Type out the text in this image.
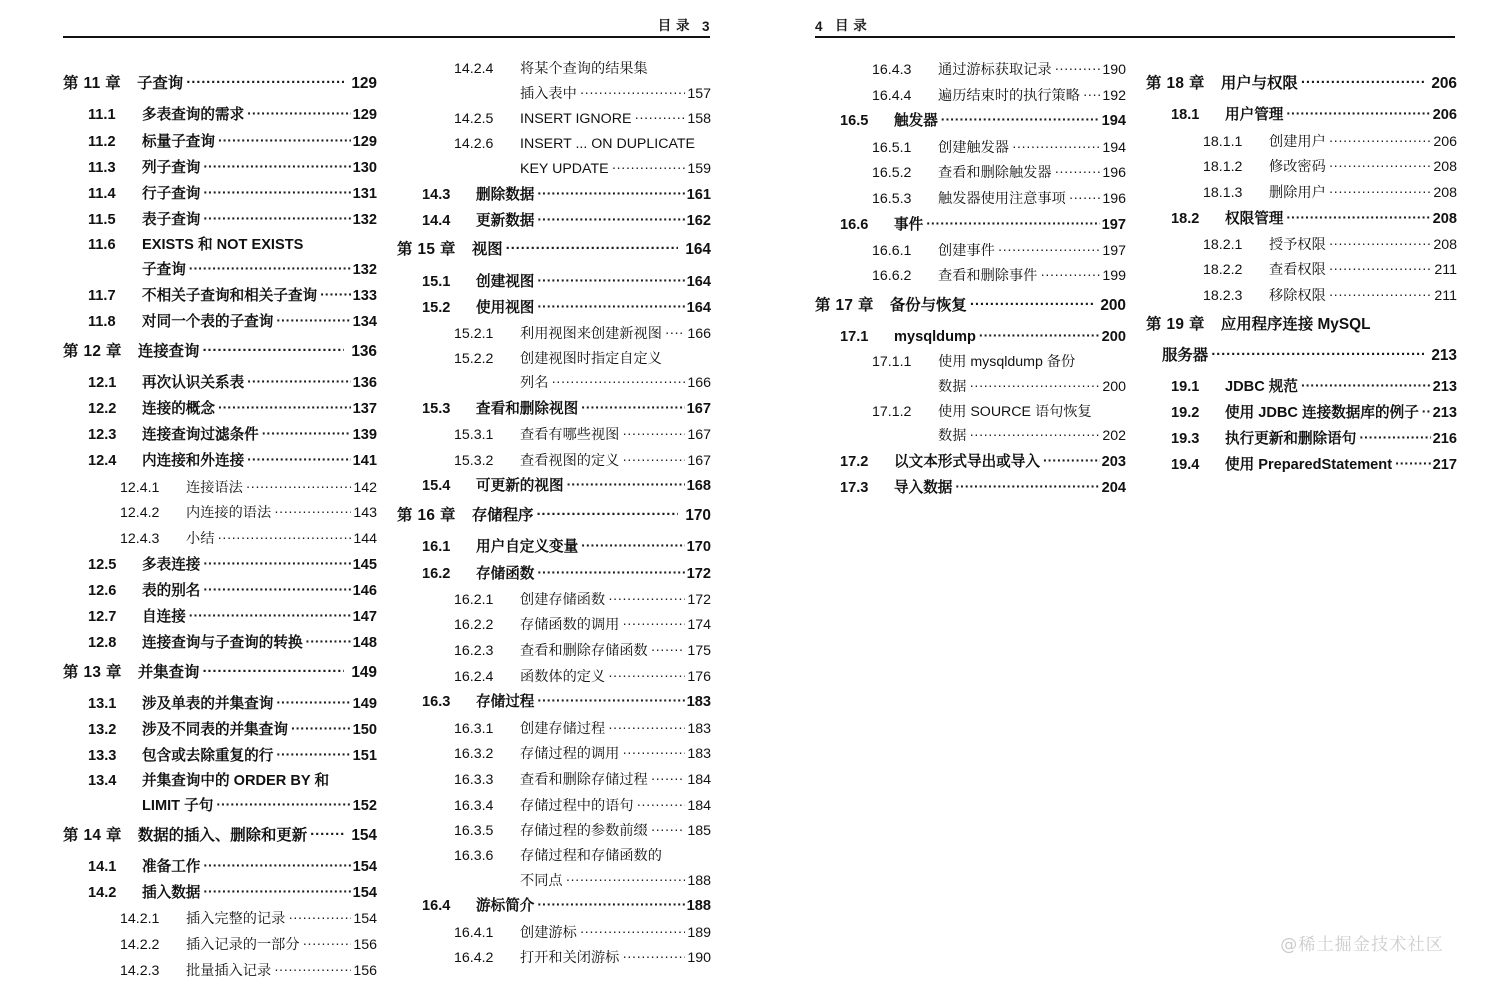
目 录 3
第 11 章	子查询 ·····	129
11.1	多表查询的需求 ·····	129
11.2	标量子查询 ·····	129
11.3	列子查询 ·····	130
11.4	行子查询 ·····	131
11.5	表子查询 ·····	132
11.6	EXISTS 和 NOT EXISTS
子查询 ·····	132
11.7	不相关子查询和相关子查询 ····· 133
11.8	对同一个表的子查询 ·····	134
第 12 章	连接查询 ·····	136
12.1	再次认识关系表 ·····	136
12.2	连接的概念 ·····	137
12.3	连接查询过滤条件 ·····	139
12.4	内连接和外连接 ·····	141
12.4.1	连接语法 ·····	142
12.4.2	内连接的语法 ·····	143
12.4.3	小结 ·····	144
12.5	多表连接 ·····	145
12.6	表的别名 ·····	146
12.7	自连接 ·····	147
12.8	连接查询与子查询的转换 ·····	148
第 13 章	并集查询 ·····	149
13.1	涉及单表的并集查询 ·····	149
13.2	涉及不同表的并集查询 ·····	150
13.3	包含或去除重复的行 ·····	151
13.4	并集查询中的 ORDER BY 和
LIMIT 子句 ·····	152
第 14 章	数据的插入、删除和更新 ·····	154
14.1	准备工作 ·····	154
14.2	插入数据 ·····	154
14.2.1	插入完整的记录 ·····	154
14.2.2	插入记录的一部分 ·····	156
14.2.3	批量插入记录 ·····	156
14.2.4	将某个查询的结果集
插入表中 ·····	157
14.2.5	INSERT IGNORE ·····	158
14.2.6	INSERT ... ON DUPLICATE
KEY UPDATE ·····	159
14.3	删除数据 ·····	161
14.4	更新数据 ·····	162
第 15 章	视图 ·····	164
15.1	创建视图 ·····	164
15.2	使用视图 ·····	164
15.2.1	利用视图来创建新视图 ····· 166
15.2.2	创建视图时指定自定义
列名 ·····	166
15.3	查看和删除视图 ·····	167
15.3.1	查看有哪些视图 ·····	167
15.3.2	查看视图的定义 ·····	167
15.4	可更新的视图 ·····	168
第 16 章	存储程序 ·····	170
16.1	用户自定义变量 ·····	170
16.2	存储函数 ·····	172
16.2.1	创建存储函数 ·····	172
16.2.2	存储函数的调用 ·····	174
16.2.3	查看和删除存储函数 ·····	175
16.2.4	函数体的定义 ·····	176
16.3	存储过程 ·····	183
16.3.1	创建存储过程 ·····	183
16.3.2	存储过程的调用 ·····	183
16.3.3	查看和删除存储过程 ·····	184
16.3.4	存储过程中的语句 ·····	184
16.3.5	存储过程的参数前缀 ·····	185
16.3.6	存储过程和存储函数的
不同点 ·····	188
16.4	游标简介 ·····	188
16.4.1	创建游标 ·····	189
16.4.2	打开和关闭游标 ·····	190
4 目 录
16.4.3	通过游标获取记录 ·····	190
16.4.4	遍历结束时的执行策略 ····· 192
16.5	触发器 ·····	194
16.5.1	创建触发器 ·····	194
16.5.2	查看和删除触发器 ·····	196
16.5.3	触发器使用注意事项 ·····	196
16.6	事件 ·····	197
16.6.1	创建事件 ·····	197
16.6.2	查看和删除事件 ·····	199
第 17 章	备份与恢复 ·····	200
17.1	mysqldump ·····	200
17.1.1	使用 mysqldump 备份
数据 ·····	200
17.1.2	使用 SOURCE 语句恢复
数据 ·····	202
17.2	以文本形式导出或导入 ·····	203
17.3	导入数据 ·····	204
第 18 章	用户与权限 ·····	206
18.1	用户管理 ·····	206
18.1.1	创建用户 ·····	206
18.1.2	修改密码 ·····	208
18.1.3	删除用户 ·····	208
18.2	权限管理 ·····	208
18.2.1	授予权限 ·····	208
18.2.2	查看权限 ·····	211
18.2.3	移除权限 ·····	211
第 19 章	应用程序连接 MySQL
服务器 ·····	213
19.1	JDBC 规范 ·····	213
19.2	使用 JDBC 连接数据库的例子 ····· 213
19.3	执行更新和删除语句 ·····	216
19.4	使用 PreparedStatement ·····	217
@稀土掘金技术社区
